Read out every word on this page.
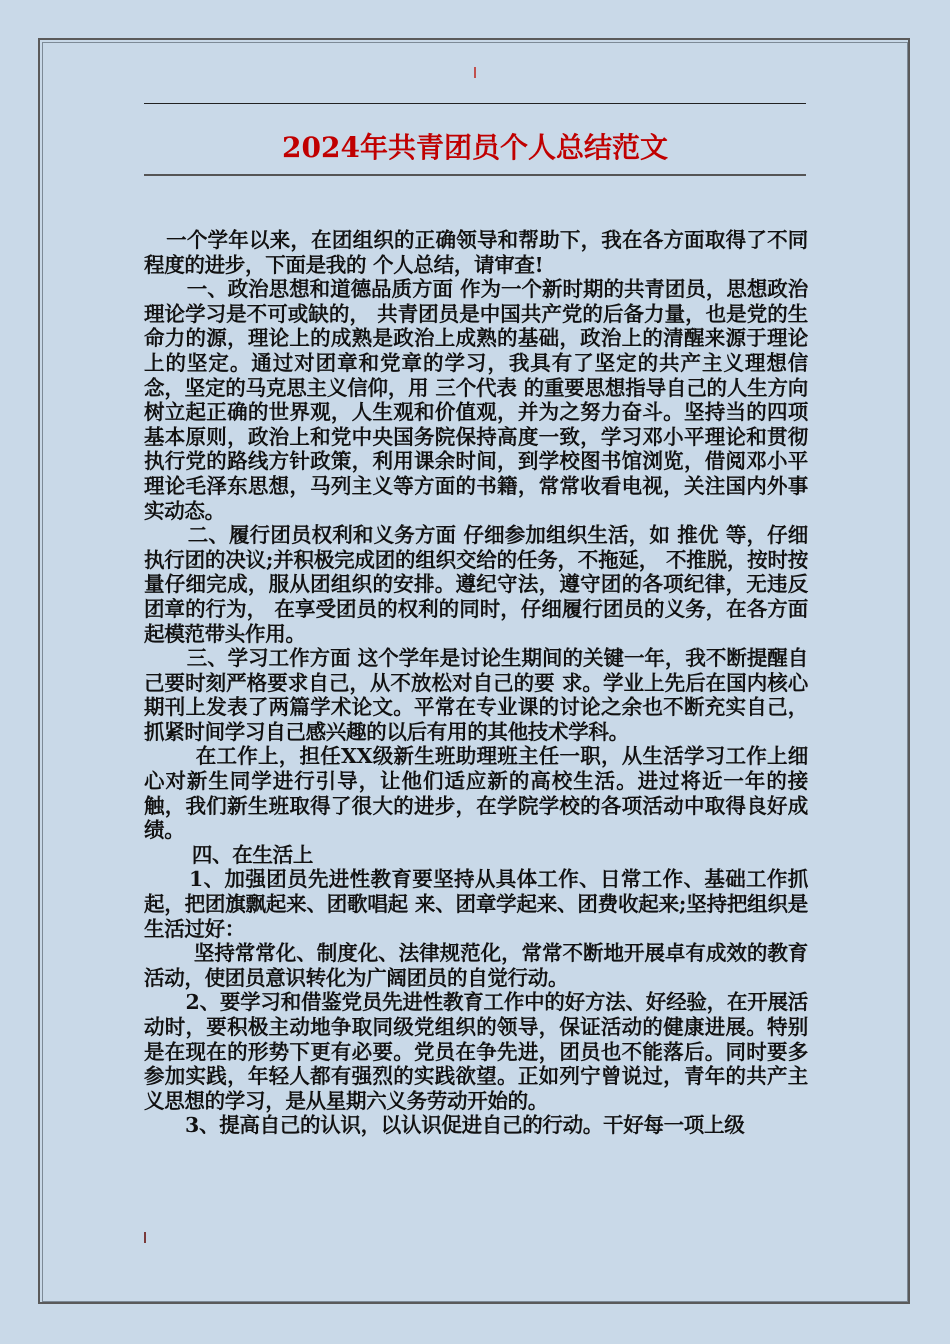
2024年共青团员个人总结范文

一个学年以来，在团组织的正确领导和帮助下，我在各方面取得了不同程度的进步，下面是我的 个人总结，请审查!

一、政治思想和道德品质方面 作为一个新时期的共青团员，思想政治理论学习是不可或缺的， 共青团员是中国共产党的后备力量，也是党的生命力的源，理论上的成熟是政治上成熟的基础，政治上的清醒来源于理论上的坚定。通过对团章和党章的学习，我具有了坚定的共产主义理想信念，坚定的马克思主义信仰，用 三个代表 的重要思想指导自己的人生方向树立起正确的世界观，人生观和价值观，并为之努力奋斗。坚持当的四项基本原则，政治上和党中央国务院保持高度一致，学习邓小平理论和贯彻执行党的路线方针政策，利用课余时间，到学校图书馆浏览，借阅邓小平理论毛泽东思想，马列主义等方面的书籍，常常收看电视，关注国内外事实动态。

二、履行团员权利和义务方面 仔细参加组织生活，如 推优 等，仔细执行团的决议;并积极完成团的组织交给的任务，不拖延， 不推脱，按时按量仔细完成，服从团组织的安排。遵纪守法，遵守团的各项纪律，无违反团章的行为， 在享受团员的权利的同时，仔细履行团员的义务，在各方面起模范带头作用。

三、学习工作方面 这个学年是讨论生期间的关键一年，我不断提醒自己要时刻严格要求自己，从不放松对自己的要 求。学业上先后在国内核心期刊上发表了两篇学术论文。平常在专业课的讨论之余也不断充实自己，抓紧时间学习自己感兴趣的以后有用的其他技术学科。

在工作上，担任XX级新生班助理班主任一职，从生活学习工作上细心对新生同学进行引导，让他们适应新的高校生活。进过将近一年的接触，我们新生班取得了很大的进步，在学院学校的各项活动中取得良好成绩。

四、在生活上

1、加强团员先进性教育要坚持从具体工作、日常工作、基础工作抓起，把团旗飘起来、团歌唱起 来、团章学起来、团费收起来;坚持把组织是生活过好：

坚持常常化、制度化、法律规范化，常常不断地开展卓有成效的教育活动，使团员意识转化为广阔团员的自觉行动。

2、要学习和借鉴党员先进性教育工作中的好方法、好经验，在开展活动时，要积极主动地争取同级党组织的领导，保证活动的健康进展。特别是在现在的形势下更有必要。党员在争先进，团员也不能落后。同时要多参加实践，年轻人都有强烈的实践欲望。正如列宁曾说过，青年的共产主义思想的学习，是从星期六义务劳动开始的。

3、提高自己的认识，以认识促进自己的行动。干好每一项上级
